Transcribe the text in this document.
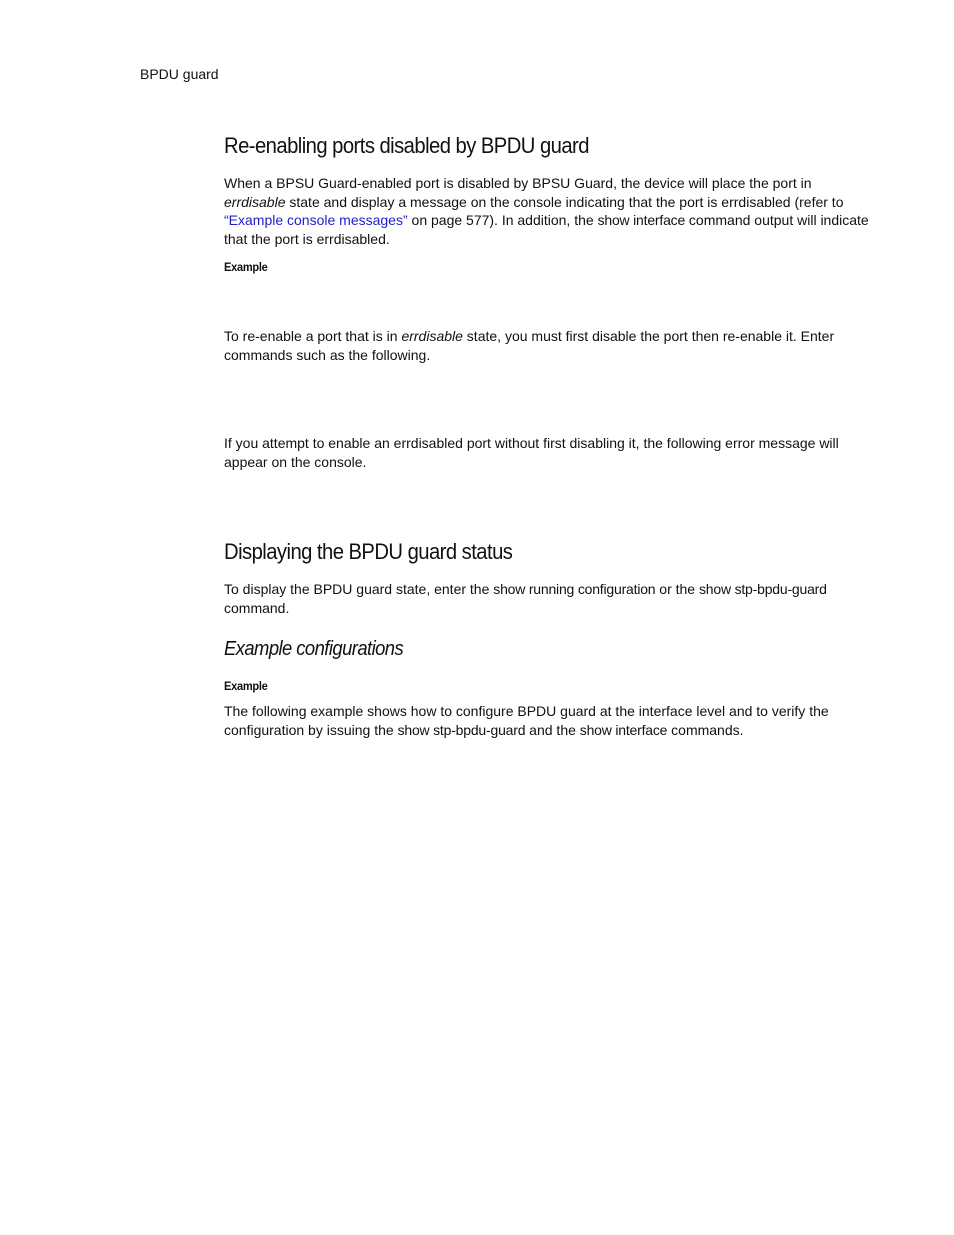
BPDU guard
Re-enabling ports disabled by BPDU guard

When a BPSU Guard-enabled port is disabled by BPSU Guard, the device will place the port in errdisable state and display a message on the console indicating that the port is errdisabled (refer to “Example console messages” on page 577). In addition, the show interface command output will indicate that the port is errdisabled.

Example

To re-enable a port that is in errdisable state, you must first disable the port then re-enable it. Enter commands such as the following.

If you attempt to enable an errdisabled port without first disabling it, the following error message will appear on the console.

Displaying the BPDU guard status

To display the BPDU guard state, enter the show running configuration or the show stp-bpdu-guard command.

Example configurations
Example

The following example shows how to configure BPDU guard at the interface level and to verify the configuration by issuing the show stp-bpdu-guard and the show interface commands.
